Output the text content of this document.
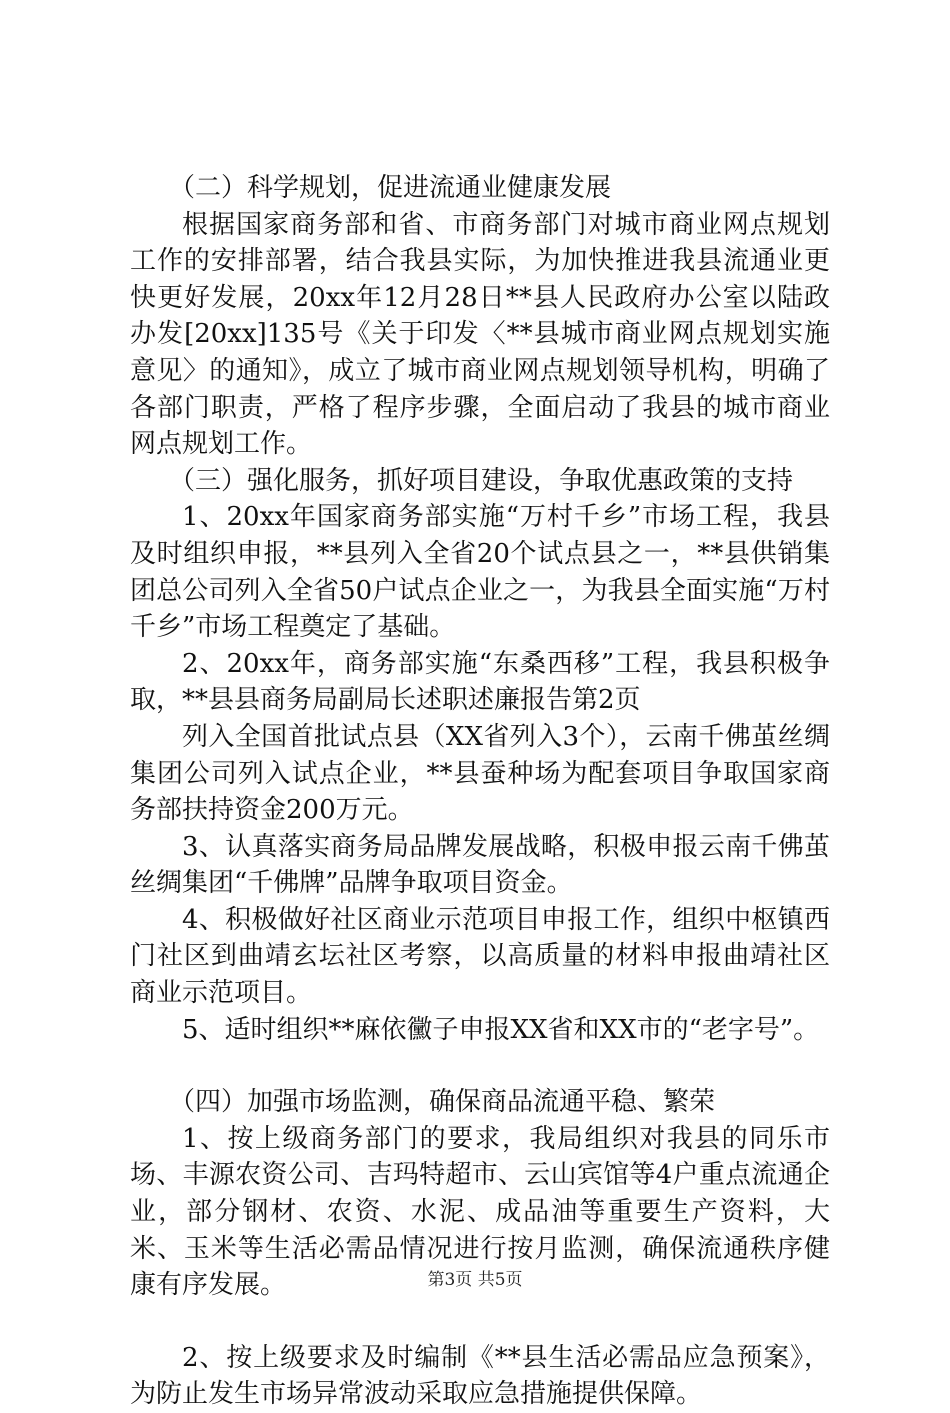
（二）科学规划，促进流通业健康发展

根据国家商务部和省、市商务部门对城市商业网点规划工作的安排部署，结合我县实际，为加快推进我县流通业更快更好发展，20xx年12月28日**县人民政府办公室以陆政办发[20xx]135号《关于印发〈**县城市商业网点规划实施意见〉的通知》，成立了城市商业网点规划领导机构，明确了各部门职责，严格了程序步骤，全面启动了我县的城市商业网点规划工作。

（三）强化服务，抓好项目建设，争取优惠政策的支持

1、20xx年国家商务部实施“万村千乡”市场工程，我县及时组织申报，**县列入全省20个试点县之一，**县供销集团总公司列入全省50户试点企业之一，为我县全面实施“万村千乡”市场工程奠定了基础。

2、20xx年，商务部实施“东桑西移”工程，我县积极争取，**县县商务局副局长述职述廉报告第2页

列入全国首批试点县（XX省列入3个），云南千佛茧丝绸集团公司列入试点企业，**县蚕种场为配套项目争取国家商务部扶持资金200万元。

3、认真落实商务局品牌发展战略，积极申报云南千佛茧丝绸集团“千佛牌”品牌争取项目资金。

4、积极做好社区商业示范项目申报工作，组织中枢镇西门社区到曲靖玄坛社区考察，以高质量的材料申报曲靖社区商业示范项目。

5、适时组织**麻依黴子申报XX省和XX市的“老字号”。

（四）加强市场监测，确保商品流通平稳、繁荣

1、按上级商务部门的要求，我局组织对我县的同乐市场、丰源农资公司、吉玛特超市、云山宾馆等4户重点流通企业，部分钢材、农资、水泥、成品油等重要生产资料，大米、玉米等生活必需品情况进行按月监测，确保流通秩序健康有序发展。

2、按上级要求及时编制《**县生活必需品应急预案》，为防止发生市场异常波动采取应急措施提供保障。

第3页 共5页
